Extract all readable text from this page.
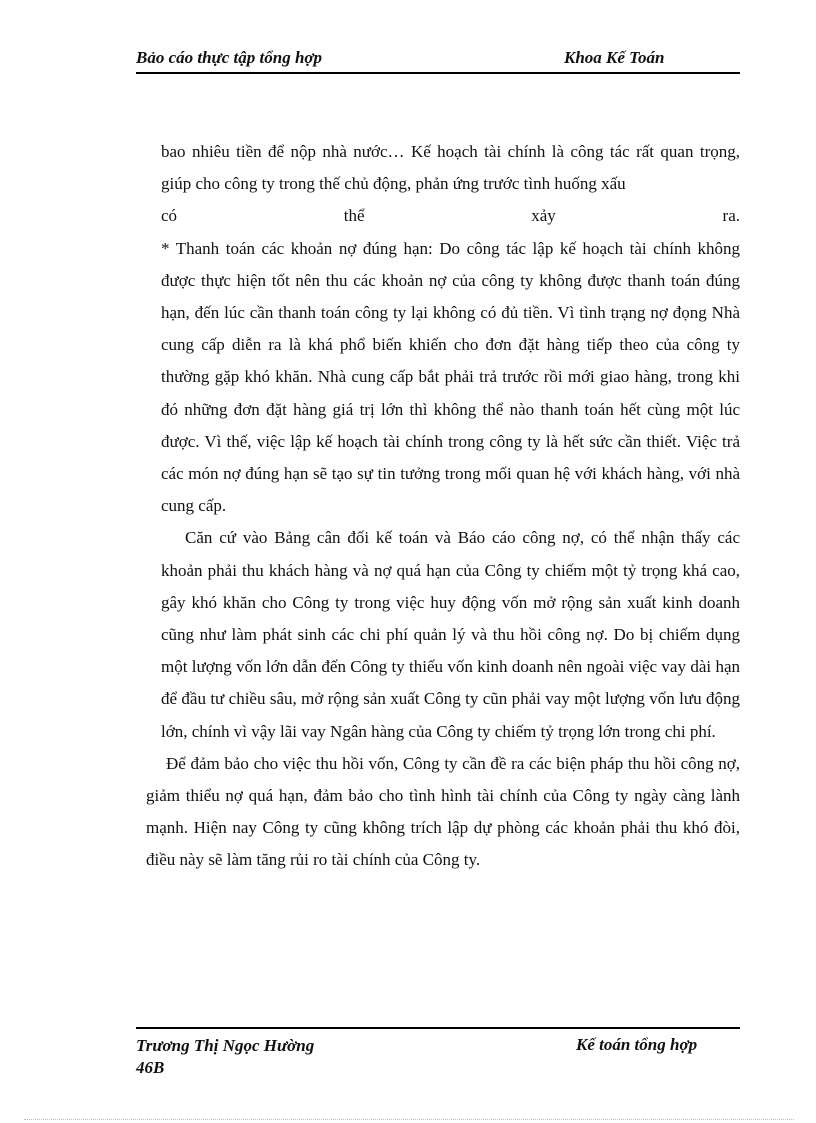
Bảo cáo thực tập tổng hợp	Khoa Kế Toán

bao nhiêu tiền để nộp nhà nước… Kế hoạch tài chính là công tác rất quan trọng, giúp cho công ty trong thế chủ động, phản ứng trước tình huống xấu

có thể xảy ra.

* Thanh toán các khoản nợ đúng hạn: Do công tác lập kế hoạch tài chính không được thực hiện tốt nên thu các khoản nợ của công ty không được thanh toán đúng hạn, đến lúc cần thanh toán công ty lại không có đủ tiền. Vì tình trạng nợ đọng Nhà cung cấp diễn ra là khá phổ biến khiến cho đơn đặt hàng tiếp theo của công ty thường gặp khó khăn. Nhà cung cấp bắt phải trả trước rồi mới giao hàng, trong khi đó những đơn đặt hàng giá trị lớn thì không thể nào thanh toán hết cùng một lúc được. Vì thế, việc lập kế hoạch tài chính trong công ty là hết sức cần thiết. Việc trả các món nợ đúng hạn sẽ tạo sự tin tưởng trong mối quan hệ với khách hàng, với nhà cung cấp.

Căn cứ vào Bảng cân đối kế toán và Báo cáo công nợ, có thể nhận thấy các khoản phải thu khách hàng và nợ quá hạn của Công ty chiếm một tỷ trọng khá cao, gây khó khăn cho Công ty trong việc huy động vốn mở rộng sản xuất kinh doanh cũng như làm phát sinh các chi phí quản lý và thu hồi công nợ. Do bị chiếm dụng một lượng vốn lớn dẫn đến Công ty thiếu vốn kinh doanh nên ngoài việc vay dài hạn để đầu tư chiều sâu, mở rộng sản xuất Công ty cũn phải vay một lượng vốn lưu động lớn, chính vì vậy lãi vay Ngân hàng của Công ty chiếm tỷ trọng lớn trong chi phí.

Để đảm bảo cho việc thu hồi vốn, Công ty cần đề ra các biện pháp thu hồi công nợ, giảm thiểu nợ quá hạn, đảm bảo cho tình hình tài chính của Công ty ngày càng lành mạnh. Hiện nay Công ty cũng không trích lập dự phòng các khoản phải thu khó đòi, điều này sẽ làm tăng rủi ro tài chính của Công ty.

Trương Thị Ngọc Hường
46B
Kế toán tổng hợp
